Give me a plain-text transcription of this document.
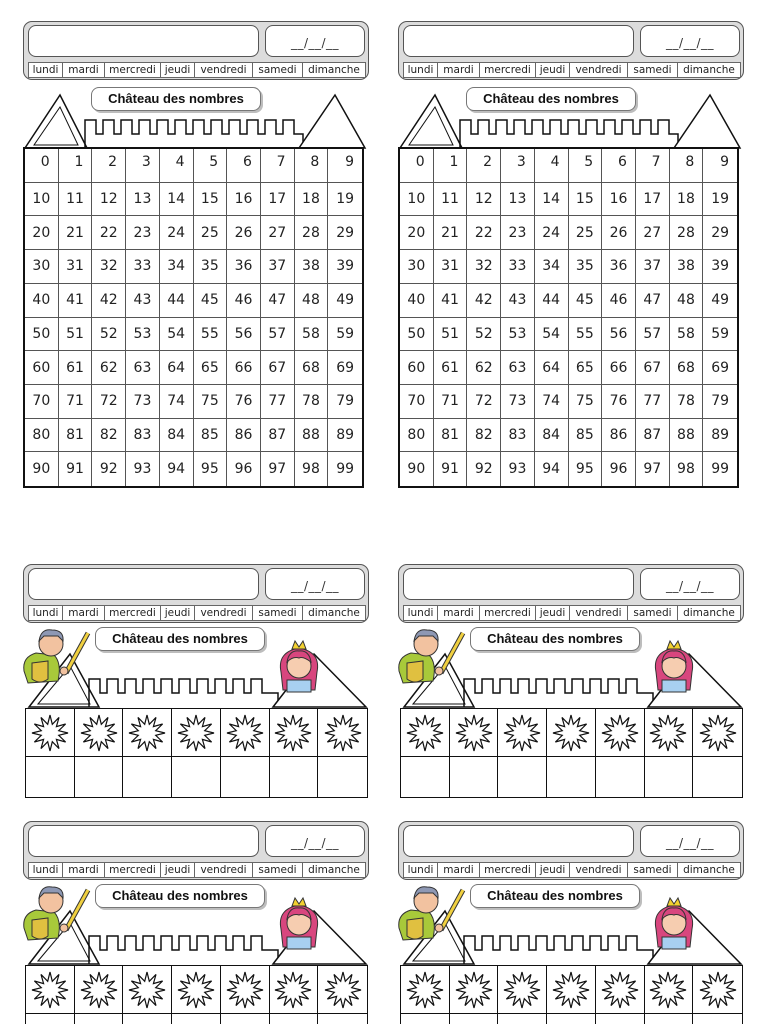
__/__/__
lundi mardi mercredi jeudi vendredi	samedi	dimanche
Château des nombres
0	1	2	3	4	5	6	7	8	9
10	11	12	13	14	15	16	17	18	19
20	21	22	23	24	25	26	27	28	29
30	31	32	33	34	35	36	37	38	39
40	41	42	43	44	45	46	47	48	49
50	51	52	53	54	55	56	57	58	59
60	61	62	63	64	65	66	67	68	69
70	71	72	73	74	75	76	77	78	79
80	81	82	83	84	85	86	87	88	89
90	91	92	93	94	95	96	97	98	99
__/__/__
lundi mardi mercredi jeudi vendredi	samedi	dimanche
Château des nombres
0	1	2	3	4	5	6	7	8	9
10	11	12	13	14	15	16	17	18	19
20	21	22	23	24	25	26	27	28	29
30	31	32	33	34	35	36	37	38	39
40	41	42	43	44	45	46	47	48	49
50	51	52	53	54	55	56	57	58	59
60	61	62	63	64	65	66	67	68	69
70	71	72	73	74	75	76	77	78	79
80	81	82	83	84	85	86	87	88	89
90	91	92	93	94	95	96	97	98	99
__/__/__
lundi mardi mercredi jeudi vendredi	samedi	dimanche
Château des nombres
__/__/__
lundi mardi mercredi jeudi vendredi	samedi	dimanche
Château des nombres
__/__/__
lundi mardi mercredi jeudi vendredi	samedi	dimanche
Château des nombres
__/__/__
lundi mardi mercredi jeudi vendredi	samedi	dimanche
Château des nombres
